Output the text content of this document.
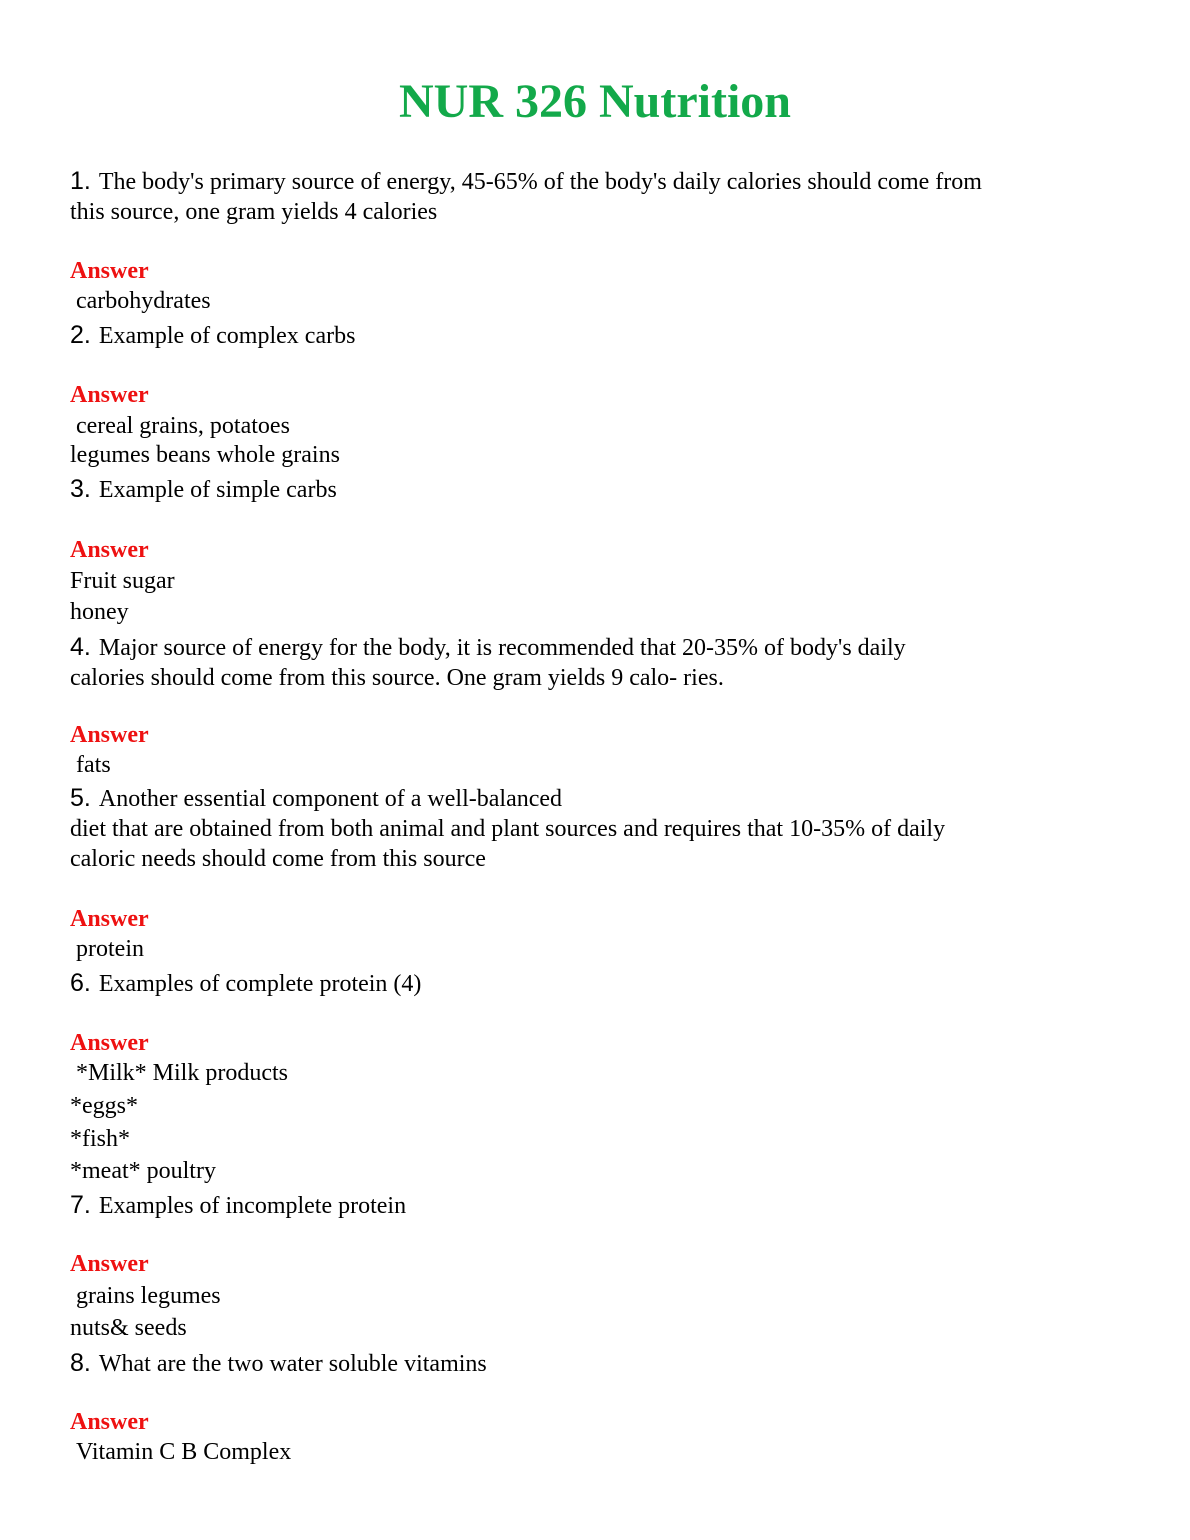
NUR 326 Nutrition
1. The body's primary source of energy, 45-65% of the body's daily calories should come from
this source, one gram yields 4 calories
Answer
carbohydrates
2. Example of complex carbs
Answer
cereal grains, potatoes
legumes beans whole grains
3. Example of simple carbs
Answer
Fruit sugar
honey
4. Major source of energy for the body, it is recommended that 20-35% of body's daily
calories should come from this source. One gram yields 9 calo- ries.
Answer
fats
5. Another essential component of a well-balanced
diet that are obtained from both animal and plant sources and requires that 10-35% of daily
caloric needs should come from this source
Answer
protein
6. Examples of complete protein (4)
Answer
*Milk* Milk products
*eggs*
*fish*
*meat* poultry
7. Examples of incomplete protein
Answer
grains legumes
nuts& seeds
8. What are the two water soluble vitamins
Answer
Vitamin C B Complex
